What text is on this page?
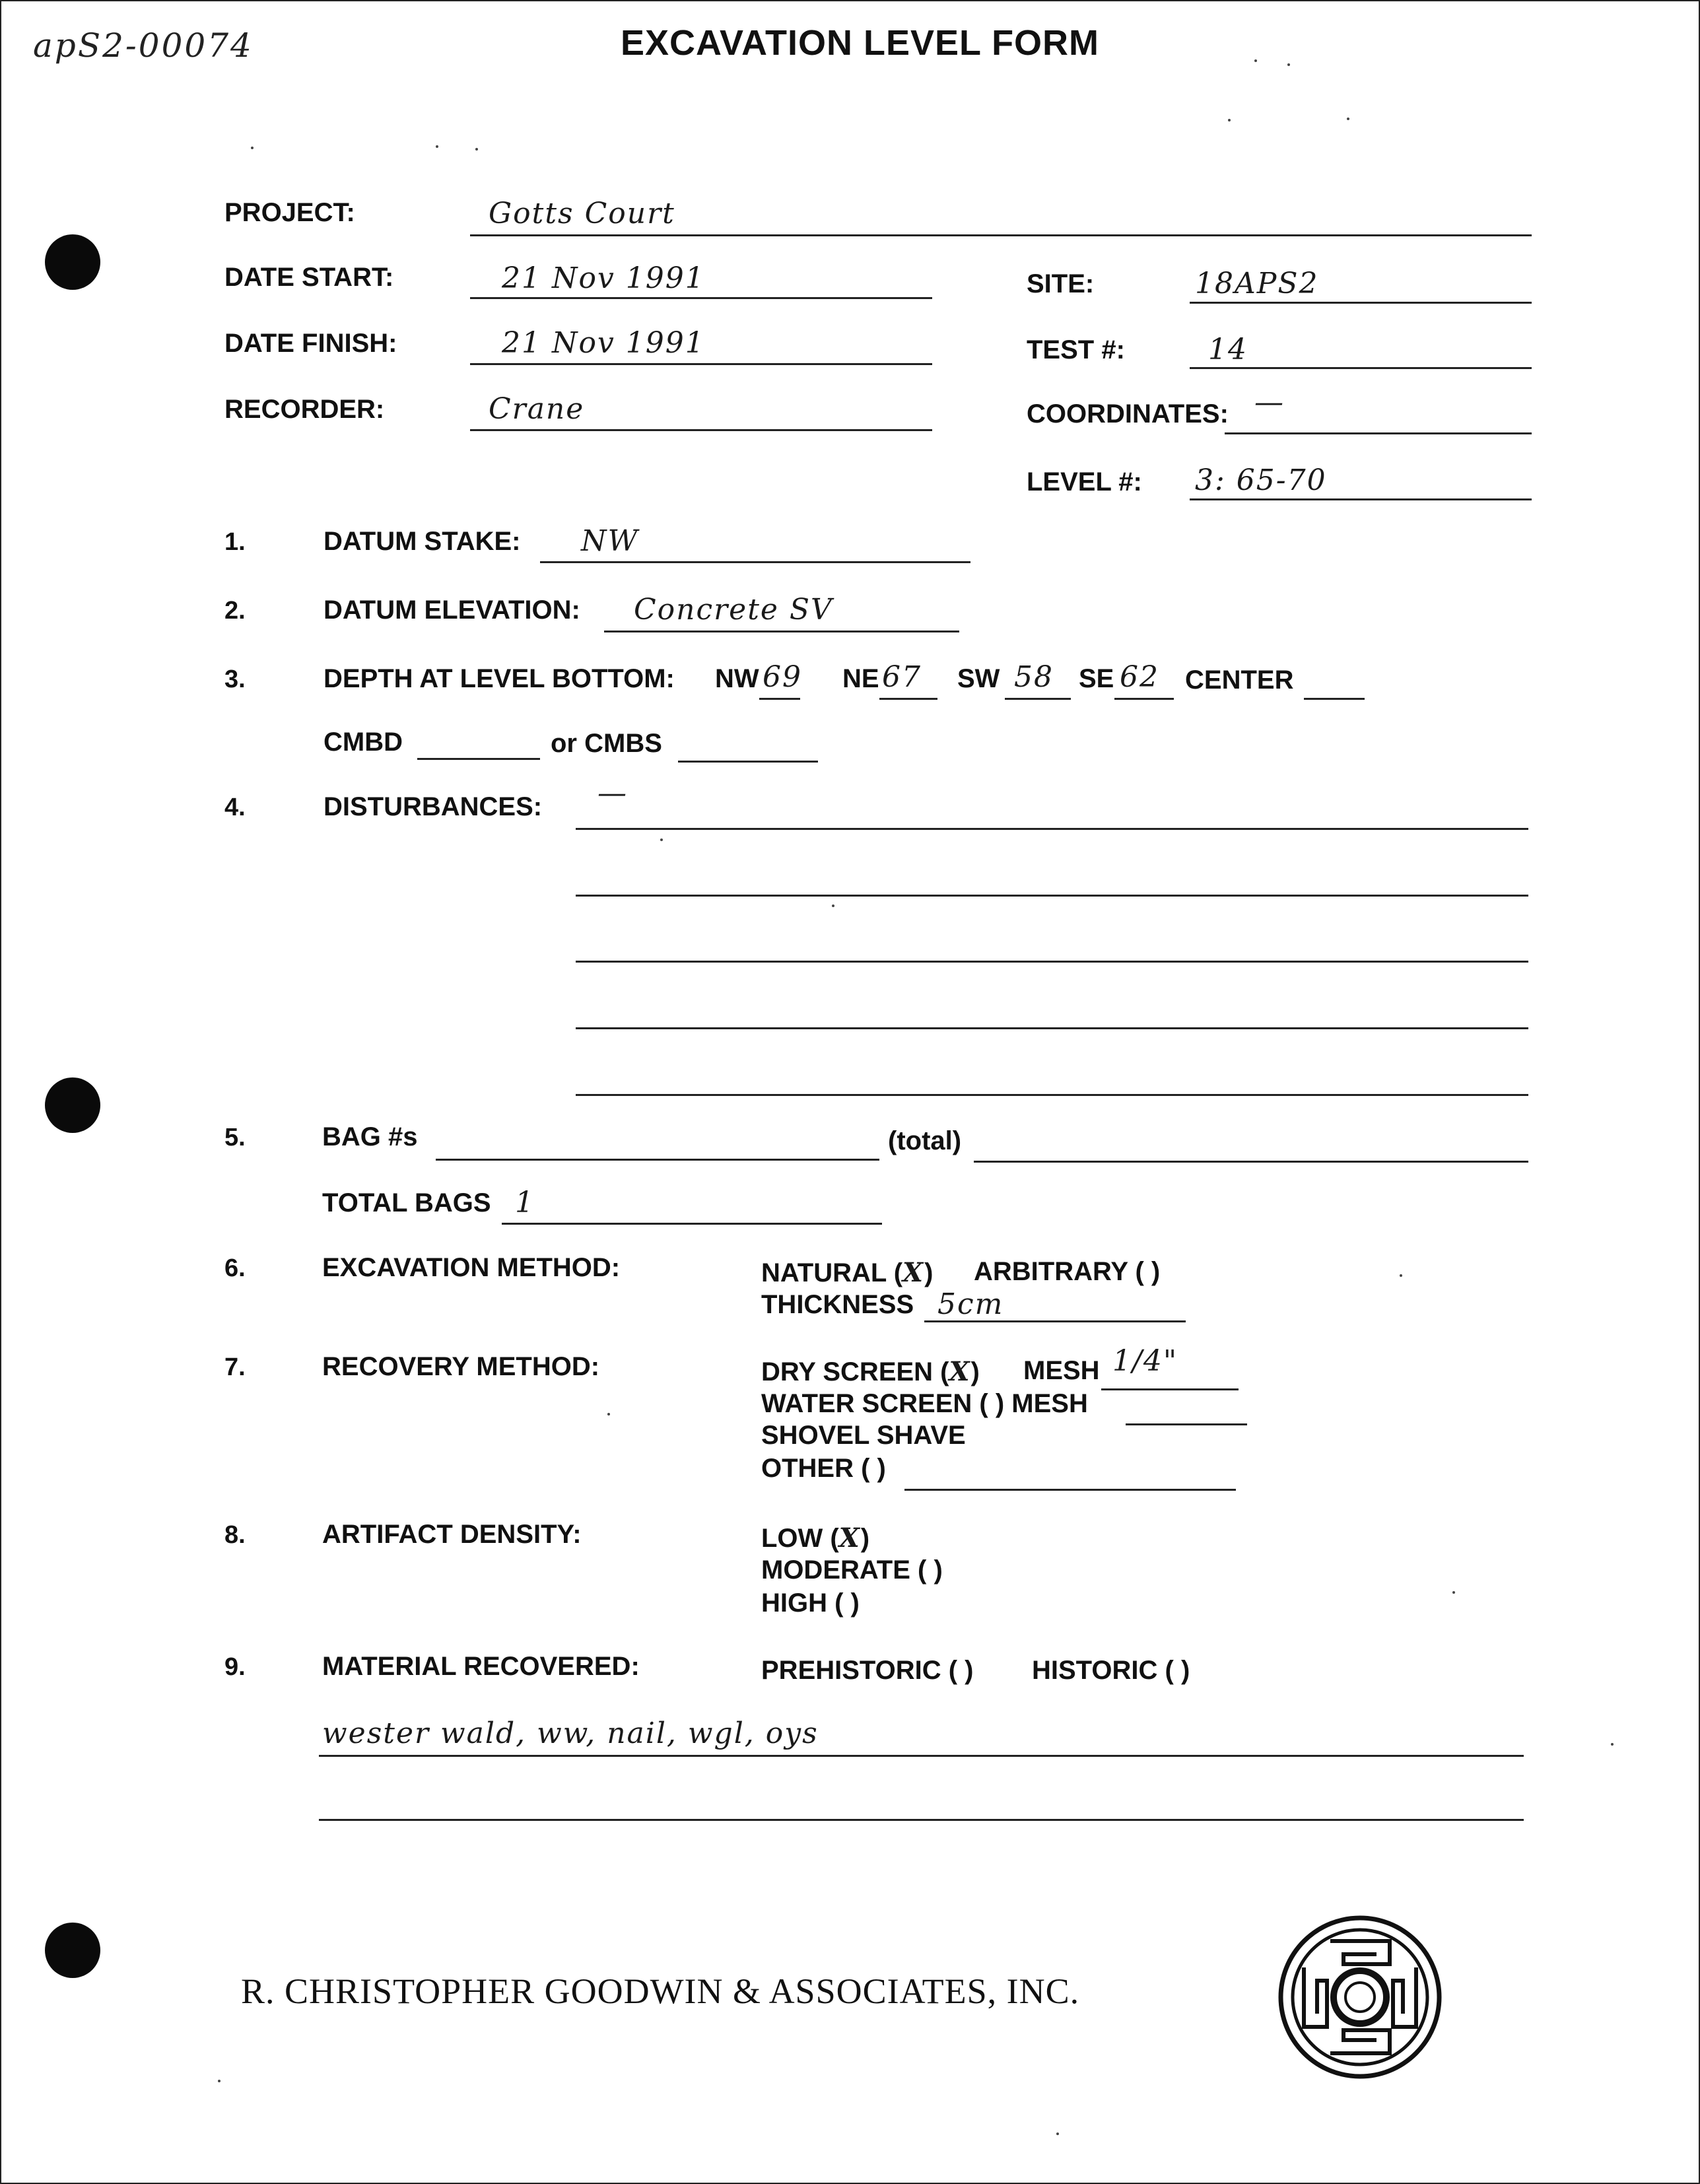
apS2-00074	EXCAVATION LEVEL FORM
PROJECT:	Gotts Court
DATE START:	21 Nov 1991	SITE:	18APS2
DATE FINISH:	21 Nov 1991	TEST #:	14
RECORDER:	Crane	COORDINATES: —
LEVEL #: 3: 65-70
1.	DATUM STAKE: NW
2.	DATUM ELEVATION: Concrete SV
3.	DEPTH AT LEVEL BOTTOM: NW 69 NE 67 SW 58 SE 62 CENTER
CMBD	or CMBS
4.	DISTURBANCES: —
5.	BAG #s	(total)
TOTAL BAGS 1
6.	EXCAVATION METHOD:	NATURAL (X) ARBITRARY ( )
THICKNESS 5cm
7.	RECOVERY METHOD:	DRY SCREEN (X) MESH 1/4"
WATER SCREEN ( ) MESH
SHOVEL SHAVE
OTHER ( )
8.	ARTIFACT DENSITY:	LOW (X)
MODERATE ( )
HIGH ( )
9.	MATERIAL RECOVERED:	PREHISTORIC ( ) HISTORIC ( )
wester wald, ww, nail, wgl, oys
R. CHRISTOPHER GOODWIN & ASSOCIATES, INC.
